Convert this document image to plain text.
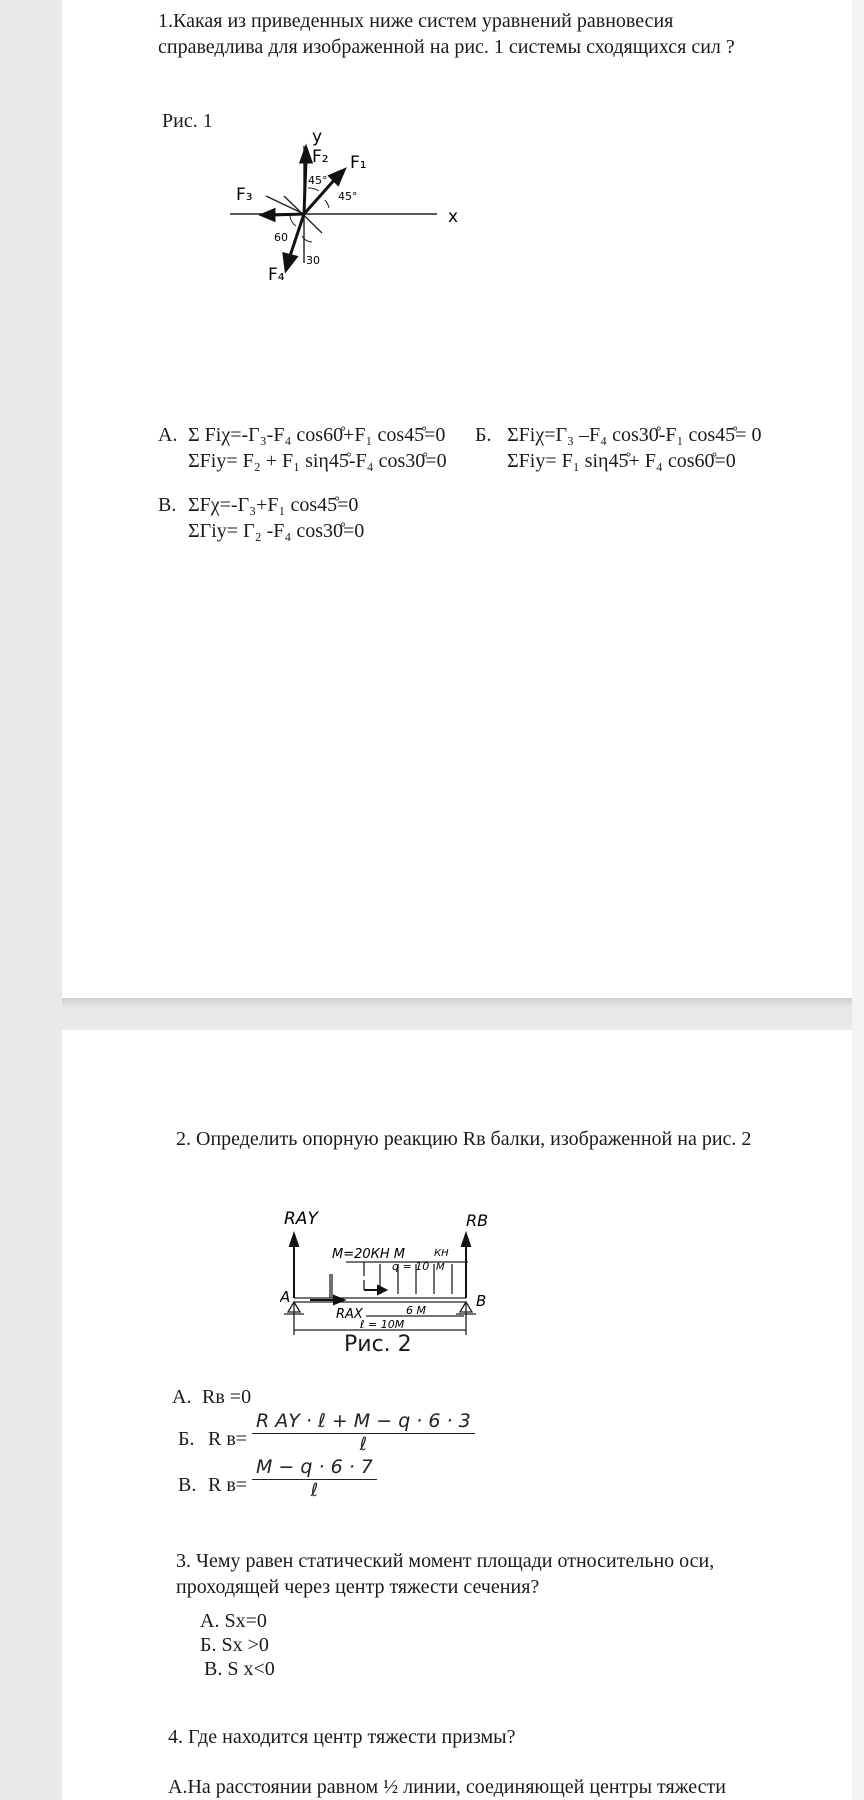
1.Какая из приведенных ниже систем уравнений равновесия
справедлива для изображенной на рис. 1 системы сходящихся сил ?
Рис. 1
y
x
F₂ F₁
F₃
F₄
45°
45°
60
30
А. Σ Fіχ=-Γ₃-F₄ cos60̊+F₁ cos45̊=0
ΣFіy= F₂ + F₁ sіη45̊-F₄ cos30̊=0
Б. ΣFіχ=Γ₃ –F₄ cos30̊-F₁ cos45̊= 0
ΣFіy= F₁ sіη45̊+ F₄ cos60̊=0
В. ΣFχ=-Γ₃+F₁ cos45̊=0
ΣΓіy= Γ₂ -F₄ cos30̊=0
2. Определить опорную реакцию Rв балки, изображенной на рис. 2
RAY	RB
M=20КН М
q = 10
КН
М
A	B
RAX	6 М
ℓ = 10М
Рис. 2
А. Rв =0
Б. R в=
R AY · ℓ + M − q · 6 · 3
ℓ
В. R в=
M − q · 6 · 7
ℓ
3. Чему равен статический момент площади относительно оси,
проходящей через центр тяжести сечения?
А. Sx=0
Б. Sx >0
В. S x<0
4. Где находится центр тяжести призмы?
А.На расстоянии равном ½ линии, соединяющей центры тяжести
